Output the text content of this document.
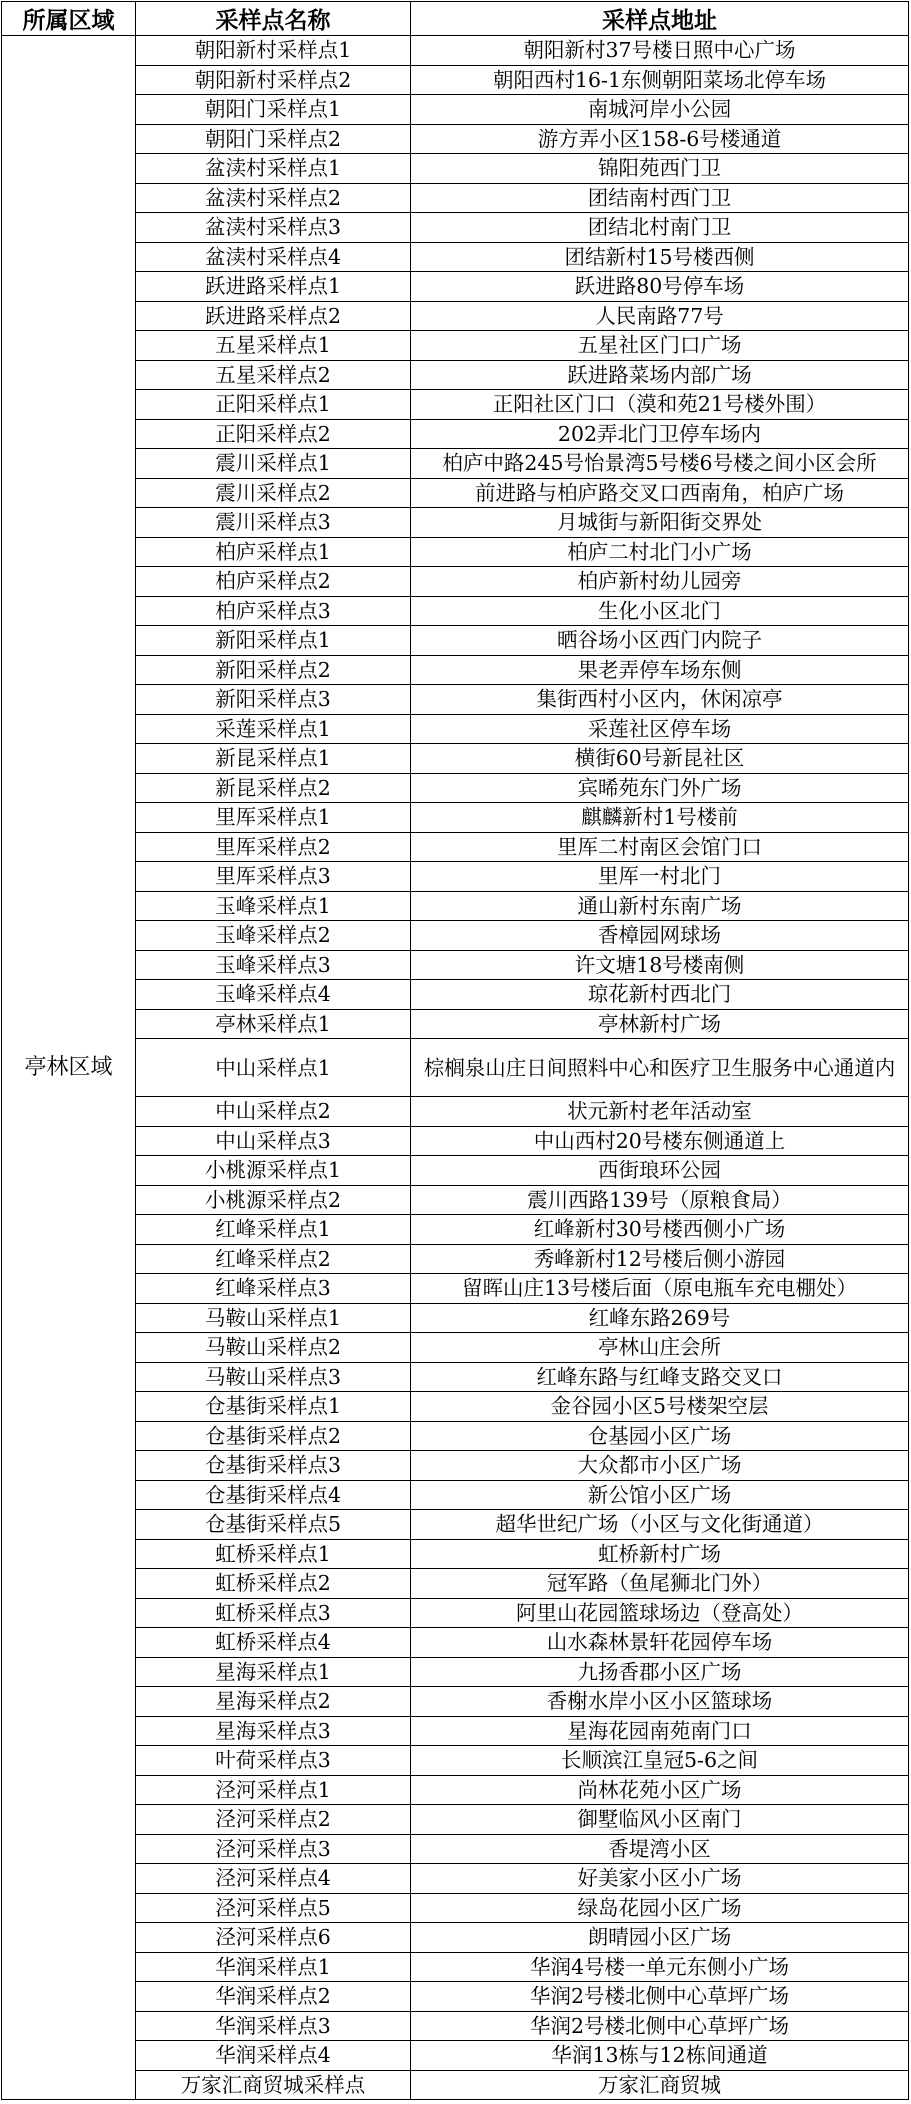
所属区域	采样点名称	采样点地址
亭林区域	朝阳新村采样点1	朝阳新村37号楼日照中心广场
	朝阳新村采样点2	朝阳西村16-1东侧朝阳菜场北停车场
	朝阳门采样点1	南城河岸小公园
	朝阳门采样点2	游方弄小区158-6号楼通道
	盆渎村采样点1	锦阳苑西门卫
	盆渎村采样点2	团结南村西门卫
	盆渎村采样点3	团结北村南门卫
	盆渎村采样点4	团结新村15号楼西侧
	跃进路采样点1	跃进路80号停车场
	跃进路采样点2	人民南路77号
	五星采样点1	五星社区门口广场
	五星采样点2	跃进路菜场内部广场
	正阳采样点1	正阳社区门口（漠和苑21号楼外围）
	正阳采样点2	202弄北门卫停车场内
	震川采样点1	柏庐中路245号怡景湾5号楼6号楼之间小区会所
	震川采样点2	前进路与柏庐路交叉口西南角，柏庐广场
	震川采样点3	月城街与新阳街交界处
	柏庐采样点1	柏庐二村北门小广场
	柏庐采样点2	柏庐新村幼儿园旁
	柏庐采样点3	生化小区北门
	新阳采样点1	晒谷场小区西门内院子
	新阳采样点2	果老弄停车场东侧
	新阳采样点3	集街西村小区内，休闲凉亭
	采莲采样点1	采莲社区停车场
	新昆采样点1	横街60号新昆社区
	新昆采样点2	宾晞苑东门外广场
	里厍采样点1	麒麟新村1号楼前
	里厍采样点2	里厍二村南区会馆门口
	里厍采样点3	里厍一村北门
	玉峰采样点1	通山新村东南广场
	玉峰采样点2	香樟园网球场
	玉峰采样点3	许文塘18号楼南侧
	玉峰采样点4	琼花新村西北门
	亭林采样点1	亭林新村广场
	中山采样点1	棕榈泉山庄日间照料中心和医疗卫生服务中心通道内
	中山采样点2	状元新村老年活动室
	中山采样点3	中山西村20号楼东侧通道上
	小桃源采样点1	西街琅环公园
	小桃源采样点2	震川西路139号（原粮食局）
	红峰采样点1	红峰新村30号楼西侧小广场
	红峰采样点2	秀峰新村12号楼后侧小游园
	红峰采样点3	留晖山庄13号楼后面（原电瓶车充电棚处）
	马鞍山采样点1	红峰东路269号
	马鞍山采样点2	亭林山庄会所
	马鞍山采样点3	红峰东路与红峰支路交叉口
	仓基街采样点1	金谷园小区5号楼架空层
	仓基街采样点2	仓基园小区广场
	仓基街采样点3	大众都市小区广场
	仓基街采样点4	新公馆小区广场
	仓基街采样点5	超华世纪广场（小区与文化街通道）
	虹桥采样点1	虹桥新村广场
	虹桥采样点2	冠军路（鱼尾狮北门外）
	虹桥采样点3	阿里山花园篮球场边（登高处）
	虹桥采样点4	山水森林景轩花园停车场
	星海采样点1	九扬香郡小区广场
	星海采样点2	香榭水岸小区小区篮球场
	星海采样点3	星海花园南苑南门口
	叶荷采样点3	长顺滨江皇冠5-6之间
	泾河采样点1	尚林花苑小区广场
	泾河采样点2	御墅临风小区南门
	泾河采样点3	香堤湾小区
	泾河采样点4	好美家小区小广场
	泾河采样点5	绿岛花园小区广场
	泾河采样点6	朗晴园小区广场
	华润采样点1	华润4号楼一单元东侧小广场
	华润采样点2	华润2号楼北侧中心草坪广场
	华润采样点3	华润2号楼北侧中心草坪广场
	华润采样点4	华润13栋与12栋间通道
	万家汇商贸城采样点	万家汇商贸城
